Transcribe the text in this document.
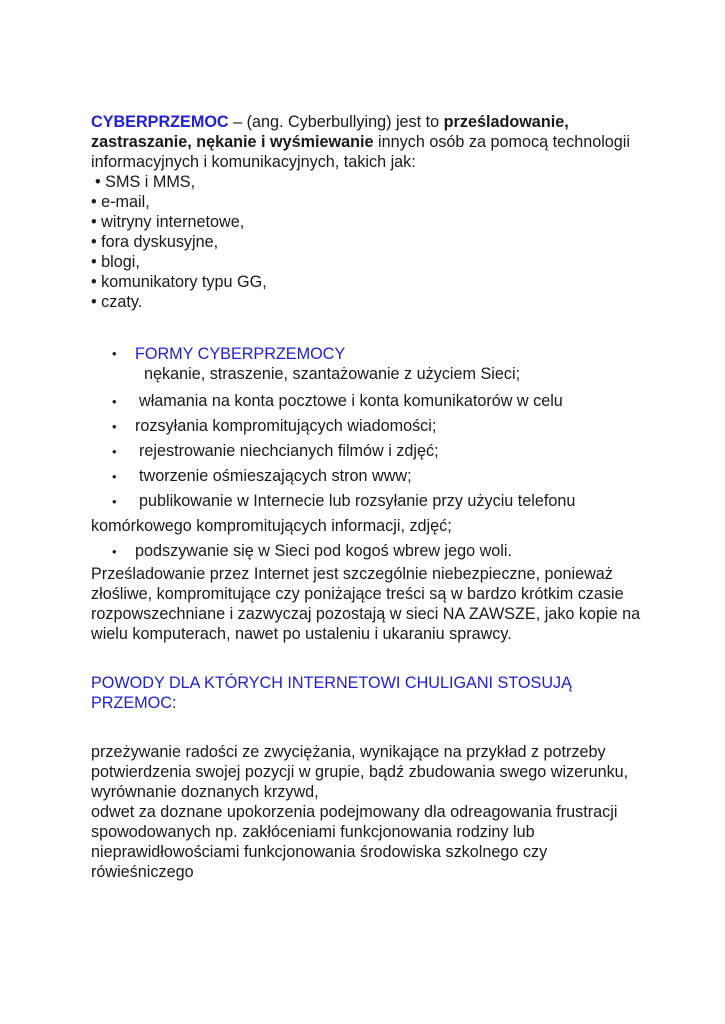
CYBERPRZEMOC – (ang. Cyberbullying) jest to prześladowanie, zastraszanie, nękanie i wyśmiewanie innych osób za pomocą technologii informacyjnych i komunikacyjnych, takich jak:

• SMS i MMS,
• e-mail,
• witryny internetowe,
• fora dyskusyjne,
• blogi,
• komunikatory typu GG,
• czaty.
• FORMY CYBERPRZEMOCY
nękanie, straszenie, szantażowanie z użyciem Sieci;
• włamania na konta pocztowe i konta komunikatorów w celu
• rozsyłania kompromitujących wiadomości;
• rejestrowanie niechcianych filmów i zdjęć;
• tworzenie ośmieszających stron www;
• publikowanie w Internecie lub rozsyłanie przy użyciu telefonu
komórkowego kompromitujących informacji, zdjęć;
• podszywanie się w Sieci pod kogoś wbrew jego woli.

Prześladowanie przez Internet jest szczególnie niebezpieczne, ponieważ złośliwe, kompromitujące czy poniżające treści są w bardzo krótkim czasie rozpowszechniane i zazwyczaj pozostają w sieci NA ZAWSZE, jako kopie na wielu komputerach, nawet po ustaleniu i ukaraniu sprawcy.

POWODY DLA KTÓRYCH INTERNETOWI CHULIGANI STOSUJĄ PRZEMOC:

przeżywanie radości ze zwyciężania, wynikające na przykład z potrzeby potwierdzenia swojej pozycji w grupie, bądź zbudowania swego wizerunku,

wyrównanie doznanych krzywd,

odwet za doznane upokorzenia podejmowany dla odreagowania frustracji spowodowanych np. zakłóceniami funkcjonowania rodziny lub nieprawidłowościami funkcjonowania środowiska szkolnego czy rówieśniczego
